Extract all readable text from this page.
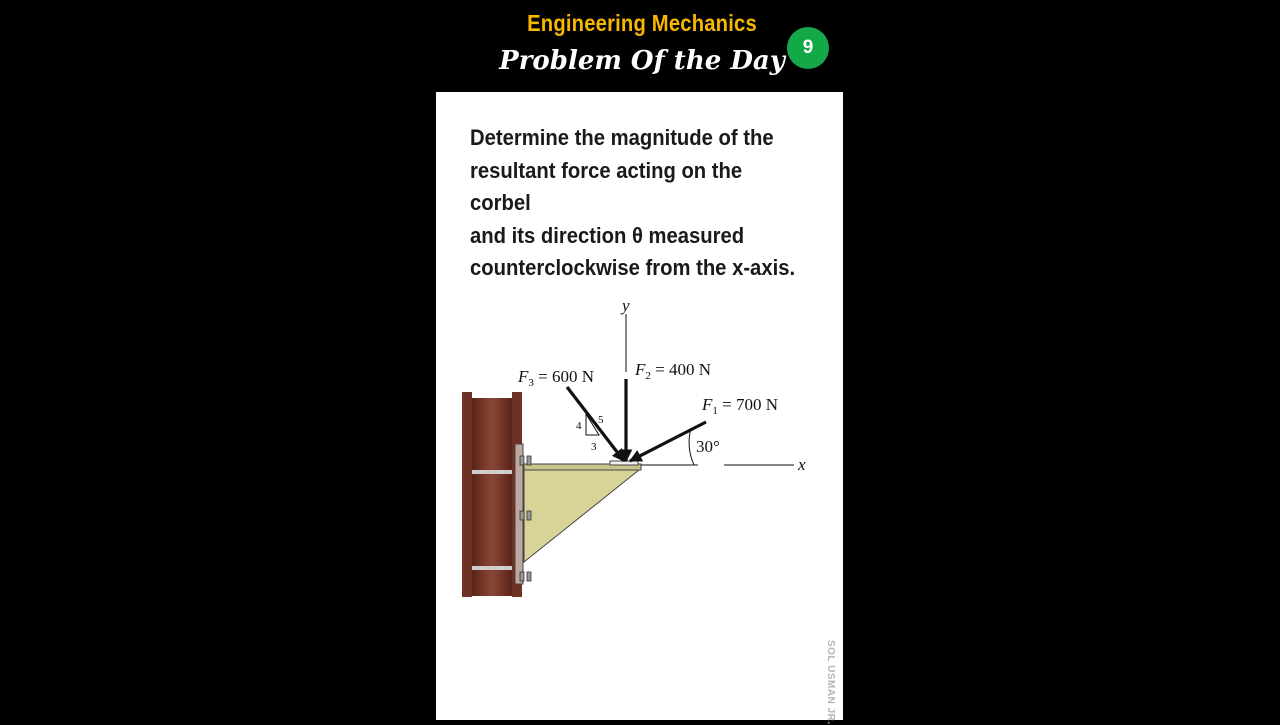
Engineering Mechanics
Problem Of the Day 9
Determine the magnitude of the
resultant force acting on the corbel
and its direction θ measured
counterclockwise from the x-axis.
y
x
30°
4 5
3
$F_3 = 600$ N $F_2 = 400$ N
$F_1 = 700$ N
SOL USMAN JR.
